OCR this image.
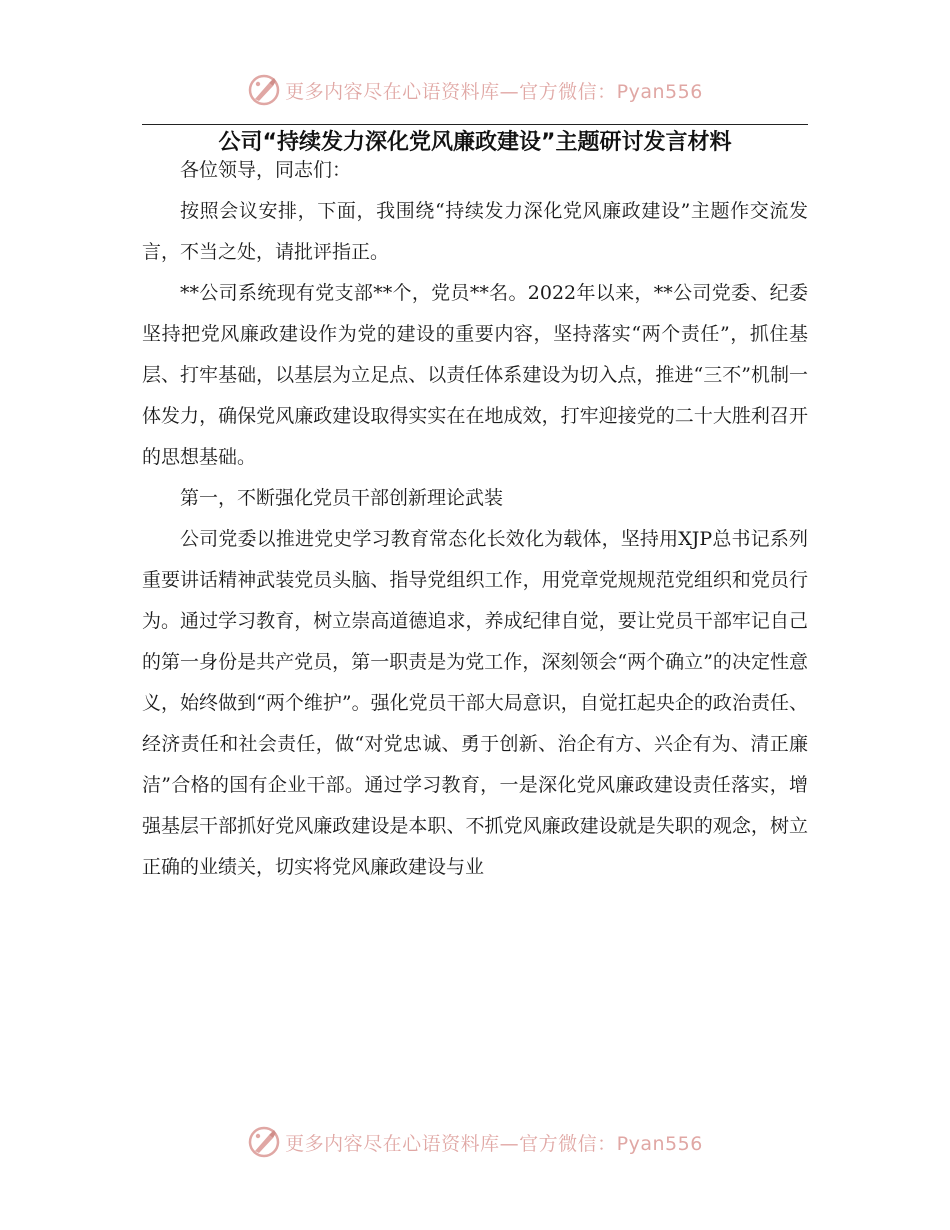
更多内容尽在心语资料库—官方微信：Pyan556
公司“持续发力深化党风廉政建设”主题研讨发言材料

各位领导，同志们：

按照会议安排，下面，我围绕“持续发力深化党风廉政建设”主题作交流发言，不当之处，请批评指正。

**公司系统现有党支部**个，党员**名。2022年以来，**公司党委、纪委坚持把党风廉政建设作为党的建设的重要内容，坚持落实“两个责任”，抓住基层、打牢基础，以基层为立足点、以责任体系建设为切入点，推进“三不”机制一体发力，确保党风廉政建设取得实实在在地成效，打牢迎接党的二十大胜利召开的思想基础。

第一，不断强化党员干部创新理论武装

公司党委以推进党史学习教育常态化长效化为载体，坚持用XJP总书记系列重要讲话精神武装党员头脑、指导党组织工作，用党章党规规范党组织和党员行为。通过学习教育，树立崇高道德追求，养成纪律自觉，要让党员干部牢记自己的第一身份是共产党员，第一职责是为党工作，深刻领会“两个确立”的决定性意义，始终做到“两个维护”。强化党员干部大局意识，自觉扛起央企的政治责任、经济责任和社会责任，做“对党忠诚、勇于创新、治企有方、兴企有为、清正廉洁”合格的国有企业干部。通过学习教育，一是深化党风廉政建设责任落实，增强基层干部抓好党风廉政建设是本职、不抓党风廉政建设就是失职的观念，树立正确的业绩关，切实将党风廉政建设与业

更多内容尽在心语资料库—官方微信：Pyan556
